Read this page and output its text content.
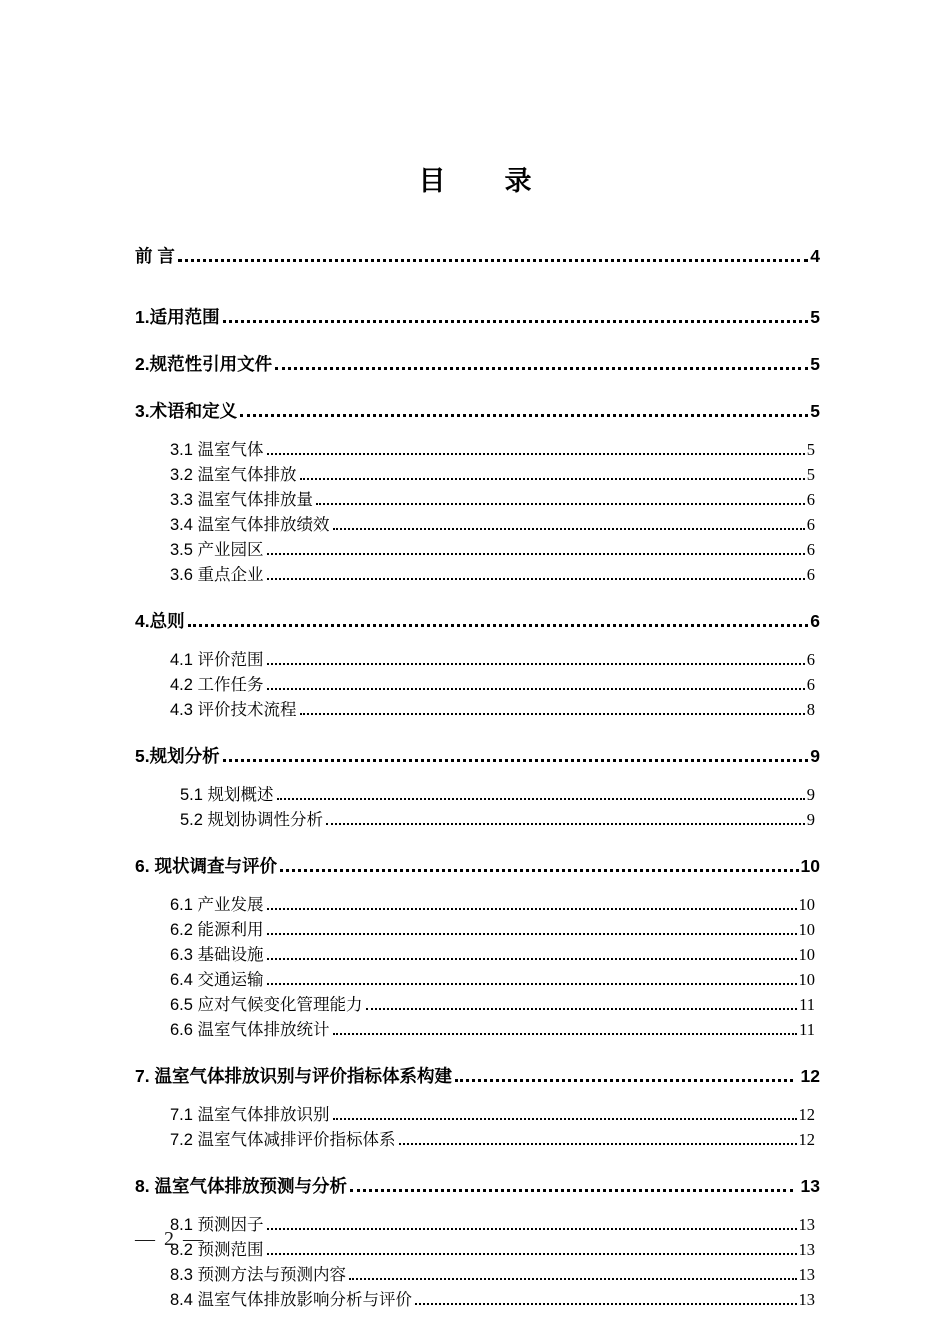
目　录
前 言	4
1.适用范围	5
2.规范性引用文件	5
3.术语和定义	5
3.1 温室气体	5
3.2 温室气体排放	5
3.3 温室气体排放量	6
3.4 温室气体排放绩效	6
3.5 产业园区	6
3.6 重点企业	6
4.总则	6
4.1 评价范围	6
4.2 工作任务	6
4.3 评价技术流程	8
5.规划分析	9
5.1 规划概述	9
5.2 规划协调性分析	9
6. 现状调查与评价	10
6.1 产业发展	10
6.2 能源利用	10
6.3 基础设施	10
6.4 交通运输	10
6.5 应对气候变化管理能力	11
6.6 温室气体排放统计	11
7. 温室气体排放识别与评价指标体系构建	12
7.1 温室气体排放识别	12
7.2 温室气体减排评价指标体系	12
8. 温室气体排放预测与分析	13
8.1 预测因子	13
8.2 预测范围	13
8.3 预测方法与预测内容	13
8.4 温室气体排放影响分析与评价	13
— 2 —
